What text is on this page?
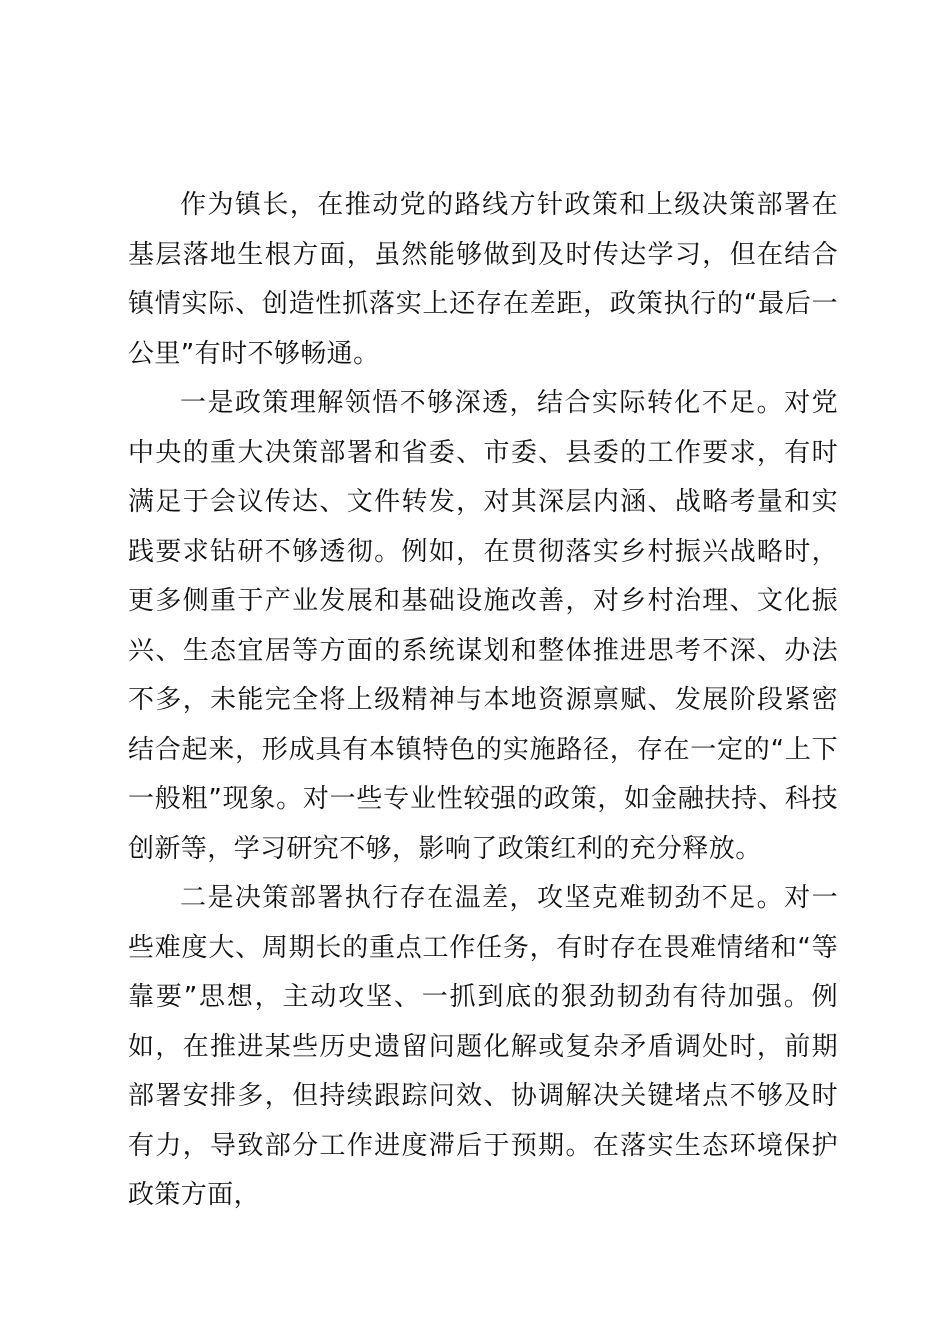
作为镇长，在推动党的路线方针政策和上级决策部署在基层落地生根方面，虽然能够做到及时传达学习，但在结合镇情实际、创造性抓落实上还存在差距，政策执行的“最后一公里”有时不够畅通。

一是政策理解领悟不够深透，结合实际转化不足。对党中央的重大决策部署和省委、市委、县委的工作要求，有时满足于会议传达、文件转发，对其深层内涵、战略考量和实践要求钻研不够透彻。例如，在贯彻落实乡村振兴战略时，更多侧重于产业发展和基础设施改善，对乡村治理、文化振兴、生态宜居等方面的系统谋划和整体推进思考不深、办法不多，未能完全将上级精神与本地资源禀赋、发展阶段紧密结合起来，形成具有本镇特色的实施路径，存在一定的“上下一般粗”现象。对一些专业性较强的政策，如金融扶持、科技创新等，学习研究不够，影响了政策红利的充分释放。

二是决策部署执行存在温差，攻坚克难韧劲不足。对一些难度大、周期长的重点工作任务，有时存在畏难情绪和“等靠要”思想，主动攻坚、一抓到底的狠劲韧劲有待加强。例如，在推进某些历史遗留问题化解或复杂矛盾调处时，前期部署安排多，但持续跟踪问效、协调解决关键堵点不够及时有力，导致部分工作进度滞后于预期。在落实生态环境保护政策方面，
